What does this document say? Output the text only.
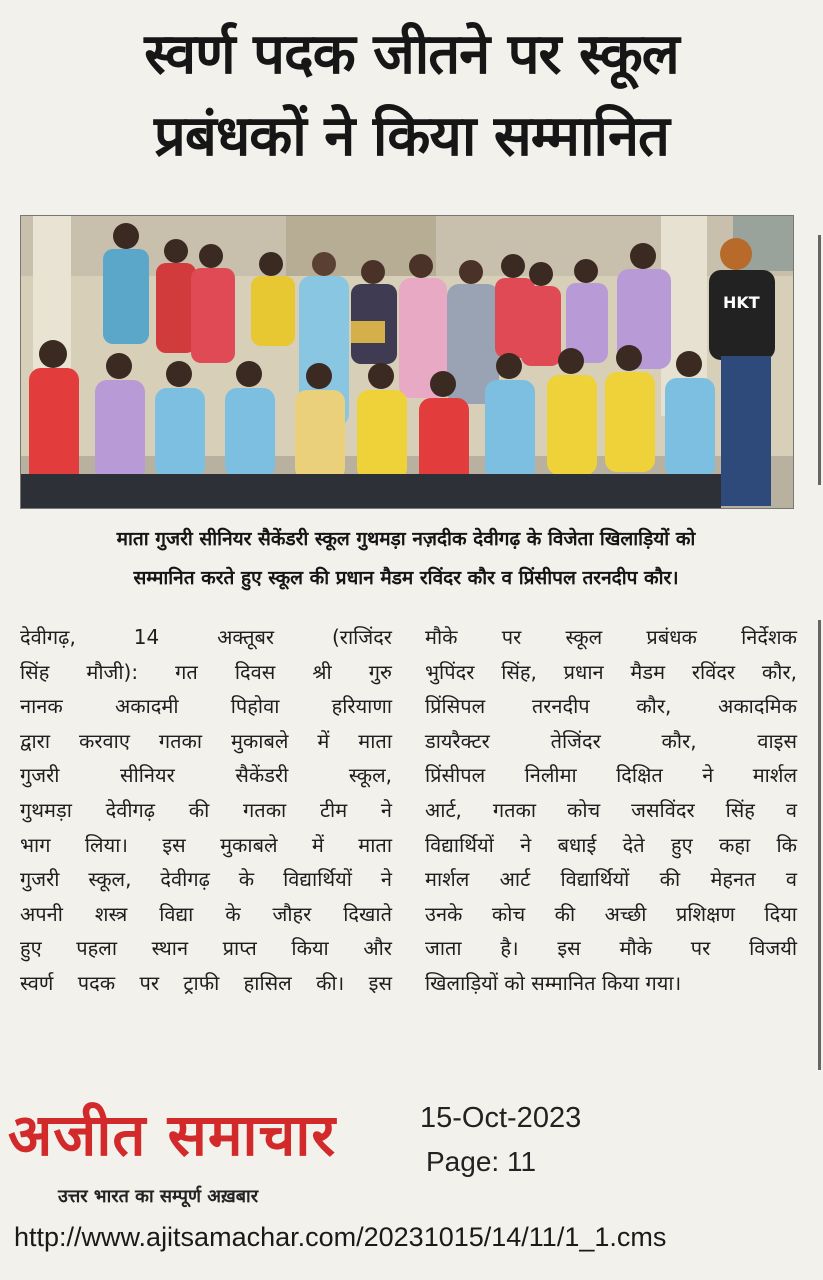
स्वर्ण पदक जीतने पर स्कूल
प्रबंधकों ने किया सम्मानित
HKT
माता गुजरी सीनियर सैकेंडरी स्कूल गुथमड़ा नज़दीक देवीगढ़ के विजेता खिलाड़ियों को
सम्मानित करते हुए स्कूल की प्रधान मैडम रविंदर कौर व प्रिंसीपल तरनदीप कौर।
देवीगढ़, 14 अक्तूबर (राजिंदर
सिंह मौजी): गत दिवस श्री गुरु
नानक अकादमी पिहोवा हरियाणा
द्वारा करवाए गतका मुकाबले में माता
गुजरी सीनियर सैकेंडरी स्कूल,
गुथमड़ा देवीगढ़ की गतका टीम ने
भाग लिया। इस मुकाबले में माता
गुजरी स्कूल, देवीगढ़ के विद्यार्थियों ने
अपनी शस्त्र विद्या के जौहर दिखाते
हुए पहला स्थान प्राप्त किया और
स्वर्ण पदक पर ट्राफी हासिल की। इस
मौके पर स्कूल प्रबंधक निर्देशक
भुपिंदर सिंह, प्रधान मैडम रविंदर कौर,
प्रिंसिपल तरनदीप कौर, अकादमिक
डायरैक्टर तेजिंदर कौर, वाइस
प्रिंसीपल निलीमा दिक्षित ने मार्शल
आर्ट, गतका कोच जसविंदर सिंह व
विद्यार्थियों ने बधाई देते हुए कहा कि
मार्शल आर्ट विद्यार्थियों की मेहनत व
उनके कोच की अच्छी प्रशिक्षण दिया
जाता है। इस मौके पर विजयी
खिलाड़ियों को सम्मानित किया गया।
अजीत समाचार
उत्तर भारत का सम्पूर्ण अख़बार
15-Oct-2023
Page: 11
http://www.ajitsamachar.com/20231015/14/11/1_1.cms
